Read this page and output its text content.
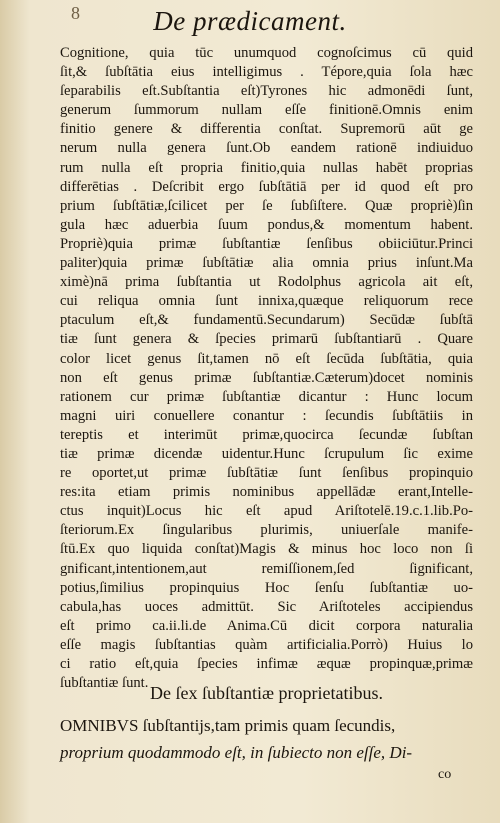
8	De prædicament.
Cognitione, quia tūc unumquod cognoſcimus cū quid
ſit,& ſubſtātia eius intelligimus . Tépore,quia ſola hæc
ſeparabilis eſt.Subſtantia eſt)Tyrones hic admonēdi ſunt,
generum ſummorum nullam eſſe finitionē.Omnis enim
finitio genere & differentia conſtat. Supremorū aūt ge
nerum nulla genera ſunt.Ob eandem rationē indiuiduo
rum nulla eſt propria finitio,quia nullas habēt proprias
differētias . Deſcribit ergo ſubſtātiā per id quod eſt pro
prium ſubſtātiæ,ſcilicet per ſe ſubſiſtere. Quæ propriè)ſin
gula hæc aduerbia ſuum pondus,& momentum habent.
Propriè)quia primæ ſubſtantiæ ſenſibus obiiciūtur.Princi
paliter)quia primæ ſubſtātiæ alia omnia prius inſunt.Ma
ximè)nā prima ſubſtantia ut Rodolphus agricola ait eſt,
cui reliqua omnia ſunt innixa,quæque reliquorum rece
ptaculum eſt,& fundamentū.Secundarum) Secūdæ ſubſtā
tiæ ſunt genera & ſpecies primarū ſubſtantiarū . Quare
color licet genus ſit,tamen nō eſt ſecūda ſubſtātia, quia
non eſt genus primæ ſubſtantiæ.Cæterum)docet nominis
rationem cur primæ ſubſtantiæ dicantur : Hunc locum
magni uiri conuellere conantur : ſecundis ſubſtātiis in
tereptis et interimūt primæ,quocirca ſecundæ ſubſtan
tiæ primæ dicendæ uidentur.Hunc ſcrupulum ſic exime
re oportet,ut primæ ſubſtātiæ ſunt ſenſibus propinquio
res:ita etiam primis nominibus appellādæ erant,Intelle-
ctus inquit)Locus hic eſt apud Ariſtotelē.19.c.1.lib.Po-
ſteriorum.Ex ſingularibus plurimis, uniuerſale manife-
ſtū.Ex quo liquida conſtat)Magis & minus hoc loco non ſi
gnificant,intentionem,aut remiſſionem,ſed ſignificant,
potius,ſimilius propinquius Hoc ſenſu ſubſtantiæ uo-
cabula,has uoces admittūt. Sic Ariſtoteles accipiendus
eſt primo ca.ii.li.de Anima.Cū dicit corpora naturalia
eſſe magis ſubſtantias quàm artificialia.Porrò) Huius lo
ci ratio eſt,quia ſpecies infimæ æquæ propinquæ,primæ
ſubſtantiæ ſunt. De ſex ſubſtantiæ proprietatibus.
OMNIBVS ſubſtantijs,tam primis quam ſecundis,
proprium quodammodo eſt, in ſubiecto non eſſe, Di-
co
